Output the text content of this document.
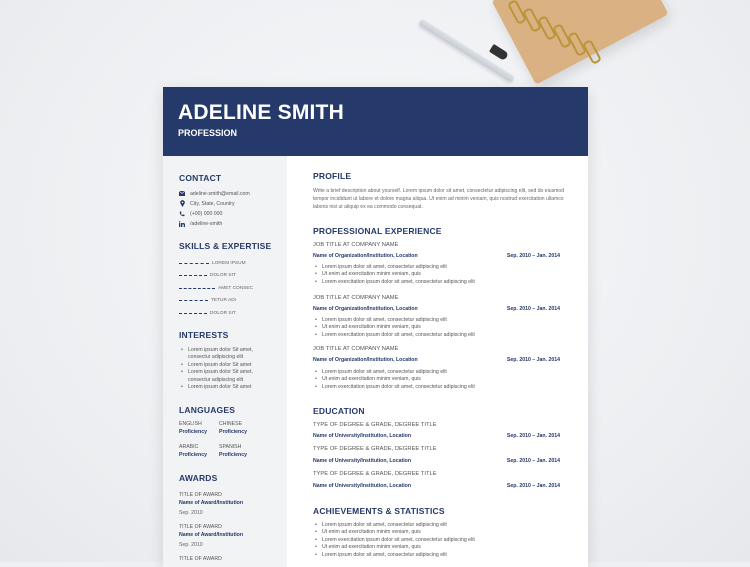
ADELINE SMITH
PROFESSION
CONTACT
adeline-smith@email.com
City, State, Country
(+00) 000 000
/adeline-smith
SKILLS & EXPERTISE
LOREM IPSUM
DOLOR SIT
AMET CONSEC
TETUR ADI
DOLOR SIT
INTERESTS
• Lorem ipsum dolor Sit amet,
consectur adipiscing elit
• Lorem ipsum dolor Sit amet
• Lorem ipsum dolor Sit amet,
consectur adipiscing elit
• Lorem ipsum dolor Sit amet
LANGUAGES
ENGLISH
Proficiency
CHINESE
Proficiency
ARABIC
Proficiency
SPANISH
Proficiency
AWARDS
TITLE OF AWARD
Name of Award/Institution
Sep. 2010
TITLE OF AWARD
Name of Award/Institution
Sep. 2010
TITLE OF AWARD
PROFILE
Write a brief description about yourself. Lorem ipsum dolor sit amet, consectetur adipiscing elit, sed do eiusmod tempor incididunt ut labore et dolore magna aliqua. Ut enim ad minim veniam, quis nostrud exercitation ullamco laboris nisi ut aliquip ex ea commodo consequat.
PROFESSIONAL EXPERIENCE
JOB TITLE AT COMPANY NAME
Name of Organization/Institution, Location	Sep. 2010 – Jan. 2014
• Lorem ipsum dolor sit amet, consectetur adipiscing elit
• Ut enim ad exercitation minim veniam, quis
• Lorem exercitation ipsum dolor sit amet, consectetur adipiscing elit
JOB TITLE AT COMPANY NAME
Name of Organization/Institution, Location	Sep. 2010 – Jan. 2014
• Lorem ipsum dolor sit amet, consectetur adipiscing elit
• Ut enim ad exercitation minim veniam, quis
• Lorem exercitation ipsum dolor sit amet, consectetur adipiscing elit
JOB TITLE AT COMPANY NAME
Name of Organization/Institution, Location	Sep. 2010 – Jan. 2014
• Lorem ipsum dolor sit amet, consectetur adipiscing elit
• Ut enim ad exercitation minim veniam, quis
• Lorem exercitation ipsum dolor sit amet, consectetur adipiscing elit
EDUCATION
TYPE OF DEGREE & GRADE, DEGREE TITLE
Name of University/Institution, Location	Sep. 2010 – Jan. 2014
TYPE OF DEGREE & GRADE, DEGREE TITLE
Name of University/Institution, Location	Sep. 2010 – Jan. 2014
TYPE OF DEGREE & GRADE, DEGREE TITLE
Name of University/Institution, Location	Sep. 2010 – Jan. 2014
ACHIEVEMENTS & STATISTICS
• Lorem ipsum dolor sit amet, consectetur adipiscing elit
• Ut enim ad exercitation minim veniam, quis
• Lorem exercitation ipsum dolor sit amet, consectetur adipiscing elit
• Ut enim ad exercitation minim veniam, quis
• Lorem ipsum dolor sit amet, consectetur adipiscing elit
